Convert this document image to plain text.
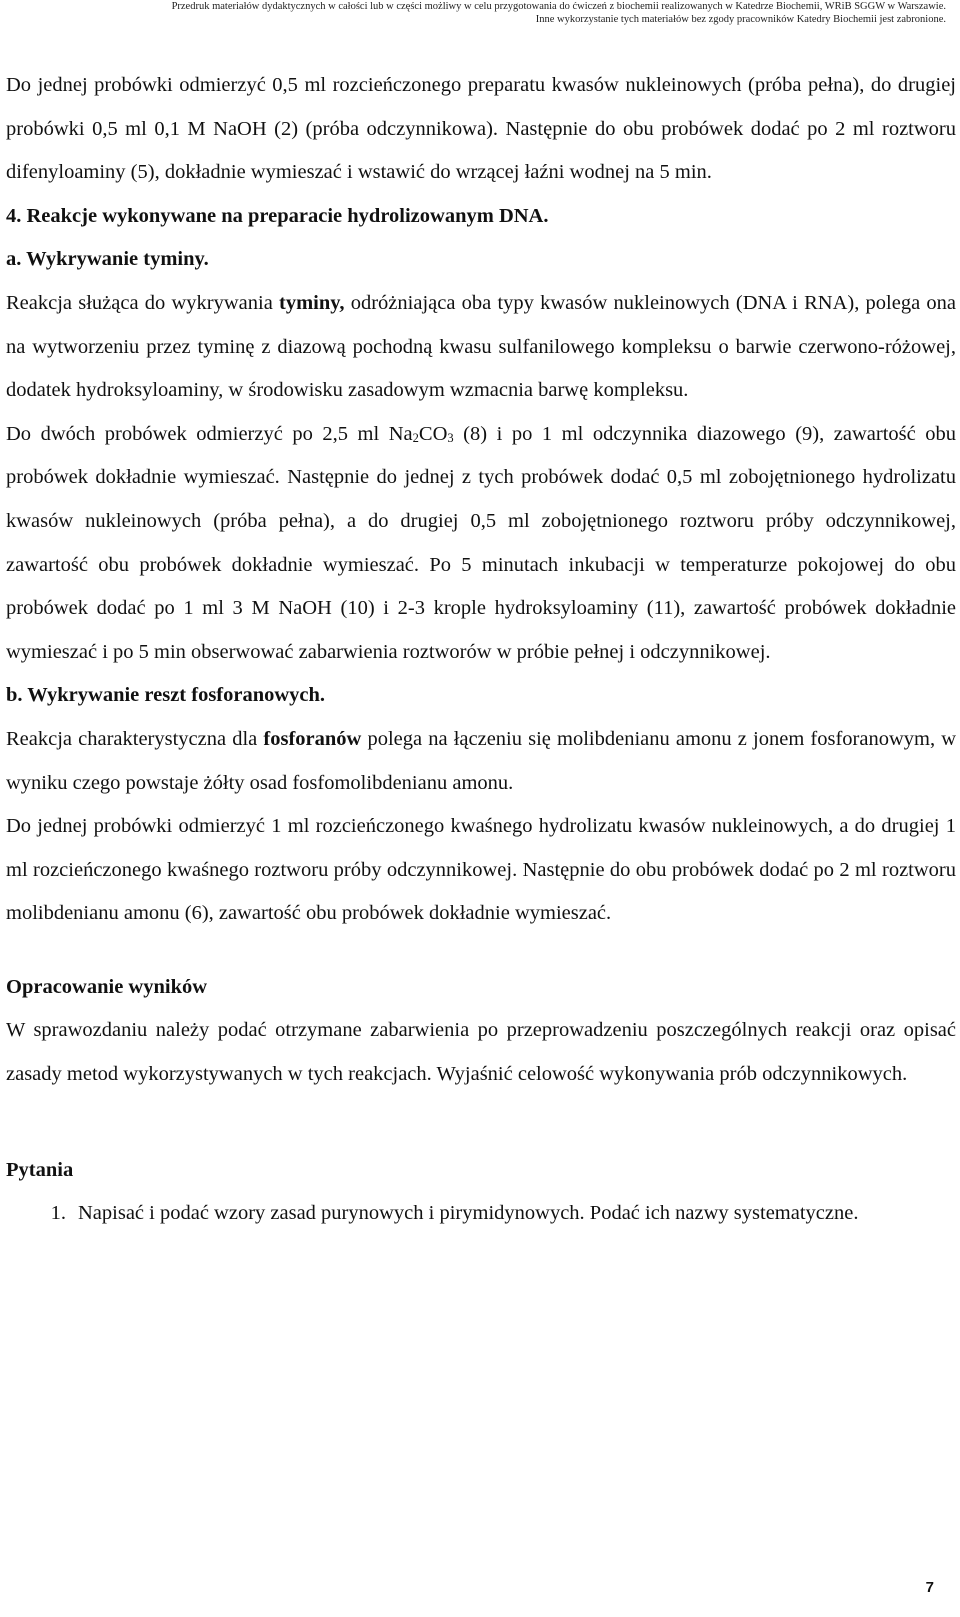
Przedruk materiałów dydaktycznych w całości lub w części możliwy w celu przygotowania do ćwiczeń z biochemii realizowanych w Katedrze Biochemii, WRiB SGGW w Warszawie.
Inne wykorzystanie tych materiałów bez zgody pracowników Katedry Biochemii jest zabronione.

Do jednej probówki odmierzyć 0,5 ml rozcieńczonego preparatu kwasów nukleinowych (próba pełna), do drugiej probówki 0,5 ml 0,1 M NaOH (2) (próba odczynnikowa). Następnie do obu probówek dodać po 2 ml roztworu difenyloaminy (5), dokładnie wymieszać i wstawić do wrzącej łaźni wodnej na 5 min.

4. Reakcje wykonywane na preparacie hydrolizowanym DNA.

a. Wykrywanie tyminy.

Reakcja służąca do wykrywania tyminy, odróżniająca oba typy kwasów nukleinowych (DNA i RNA), polega ona na wytworzeniu przez tyminę z diazową pochodną kwasu sulfanilowego kompleksu o barwie czerwono-różowej, dodatek hydroksyloaminy, w środowisku zasadowym wzmacnia barwę kompleksu.

Do dwóch probówek odmierzyć po 2,5 ml $Na_2CO_3$ (8) i po 1 ml odczynnika diazowego (9), zawartość obu probówek dokładnie wymieszać. Następnie do jednej z tych probówek dodać 0,5 ml zobojętnionego hydrolizatu kwasów nukleinowych (próba pełna), a do drugiej 0,5 ml zobojętnionego roztworu próby odczynnikowej, zawartość obu probówek dokładnie wymieszać. Po 5 minutach inkubacji w temperaturze pokojowej do obu probówek dodać po 1 ml 3 M NaOH (10) i 2-3 krople hydroksyloaminy (11), zawartość probówek dokładnie wymieszać i po 5 min obserwować zabarwienia roztworów w próbie pełnej i odczynnikowej.

b. Wykrywanie reszt fosforanowych.

Reakcja charakterystyczna dla fosforanów polega na łączeniu się molibdenianu amonu z jonem fosforanowym, w wyniku czego powstaje żółty osad fosfomolibdenianu amonu.

Do jednej probówki odmierzyć 1 ml rozcieńczonego kwaśnego hydrolizatu kwasów nukleinowych, a do drugiej 1 ml rozcieńczonego kwaśnego roztworu próby odczynnikowej. Następnie do obu probówek dodać po 2 ml roztworu molibdenianu amonu (6), zawartość obu probówek dokładnie wymieszać.

Opracowanie wyników

W sprawozdaniu należy podać otrzymane zabarwienia po przeprowadzeniu poszczególnych reakcji oraz opisać zasady metod wykorzystywanych w tych reakcjach. Wyjaśnić celowość wykonywania prób odczynnikowych.

Pytania

1. Napisać i podać wzory zasad purynowych i pirymidynowych. Podać ich nazwy systematyczne.
7
